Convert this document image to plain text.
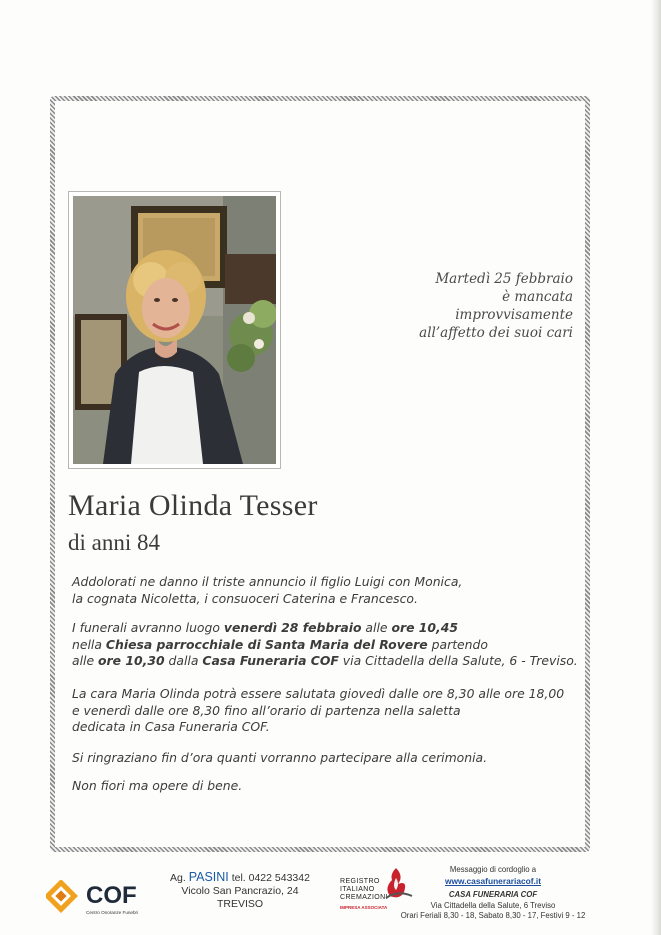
Martedì 25 febbraio
è mancata
improvvisamente
all’affetto dei suoi cari
Maria Olinda Tesser
di anni 84
Addolorati ne danno il triste annuncio il figlio Luigi con Monica,
la cognata Nicoletta, i consuoceri Caterina e Francesco.
I funerali avranno luogo venerdì 28 febbraio alle ore 10,45
nella Chiesa parrocchiale di Santa Maria del Rovere partendo
alle ore 10,30 dalla Casa Funeraria COF via Cittadella della Salute, 6 - Treviso.
La cara Maria Olinda potrà essere salutata giovedì dalle ore 8,30 alle ore 18,00
e venerdì dalle ore 8,30 fino all’orario di partenza nella saletta
dedicata in Casa Funeraria COF.
Si ringraziano fin d’ora quanti vorranno partecipare alla cerimonia.
Non fiori ma opere di bene.
COF
Centro Onoranze Funebri
Ag. PASINI tel. 0422 543342
Vicolo San Pancrazio, 24
TREVISO
REGISTRO
ITALIANO
CREMAZIONI
IMPRESA ASSOCIATA
Messaggio di cordoglio a
www.casafunerariacof.it
CASA FUNERARIA COF
Via Cittadella della Salute, 6 Treviso
Orari Feriali 8,30 - 18, Sabato 8,30 - 17, Festivi 9 - 12
